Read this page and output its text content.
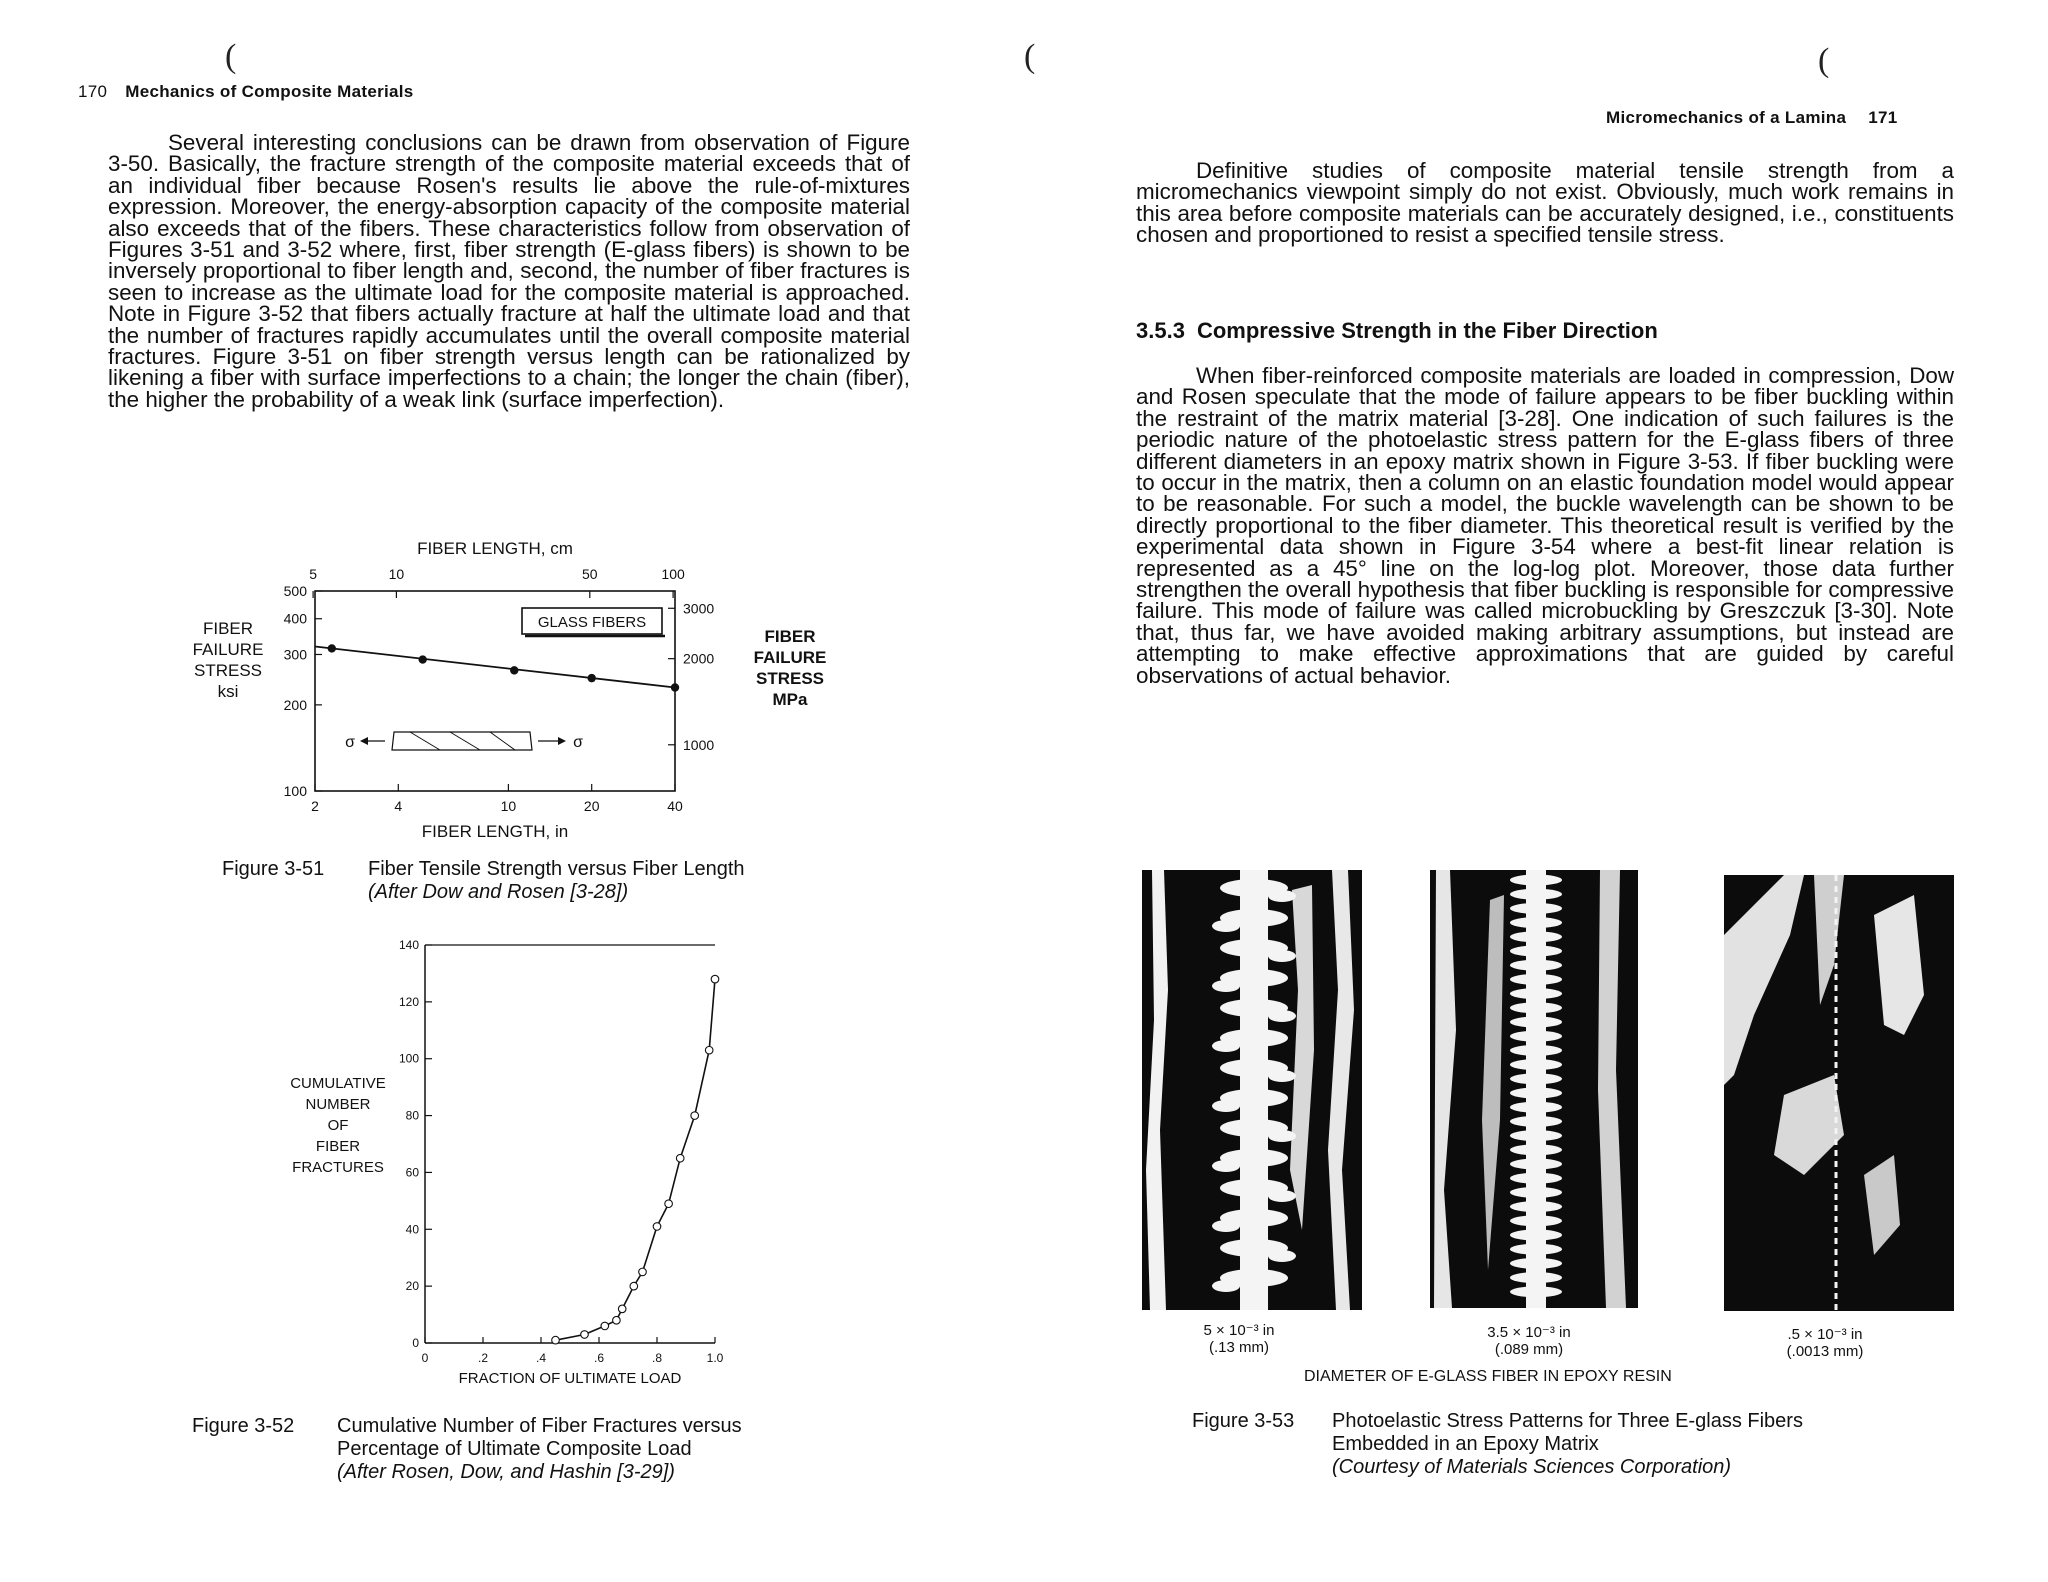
(
170 Mechanics of Composite Materials
Several interesting conclusions can be drawn from observation of Figure 3-50. Basically, the fracture strength of the composite material exceeds that of an individual fiber because Rosen's results lie above the rule-of-mixtures expression. Moreover, the energy-absorption capacity of the composite material also exceeds that of the fibers. These characteristics follow from observation of Figures 3-51 and 3-52 where, first, fiber strength (E-glass fibers) is shown to be inversely proportional to fiber length and, second, the number of fiber fractures is seen to increase as the ultimate load for the composite material is approached. Note in Figure 3-52 that fibers actually fracture at half the ultimate load and that the number of fractures rapidly accumulates until the overall composite material fractures. Figure 3-51 on fiber strength versus length can be rationalized by likening a fiber with surface imperfections to a chain; the longer the chain (fiber), the higher the probability of a weak link (surface imperfection).
FIBER LENGTH, cm
5	10	50	100
2	4	10	20	40
FIBER LENGTH, in
100
200
300
400
500
FIBER
FAILURE
STRESS
ksi
1000
2000
3000
FIBER
FAILURE
STRESS
MPa
GLASS FIBERS
σ	σ
Figure 3-51 Fiber Tensile Strength versus Fiber Length
(After Dow and Rosen [3-28])
0
20
40
60
80
100
120
140
CUMULATIVE
NUMBER
OF
FIBER
FRACTURES
0	.2	.4	.6	.8	1.0
FRACTION OF ULTIMATE LOAD
Figure 3-52 Cumulative Number of Fiber Fractures versus
Percentage of Ultimate Composite Load
(After Rosen, Dow, and Hashin [3-29])
(	(
Micromechanics of a Lamina 171
Definitive studies of composite material tensile strength from a micromechanics viewpoint simply do not exist. Obviously, much work remains in this area before composite materials can be accurately designed, i.e., constituents chosen and proportioned to resist a specified tensile stress.
3.5.3 Compressive Strength in the Fiber Direction
When fiber-reinforced composite materials are loaded in compression, Dow and Rosen speculate that the mode of failure appears to be fiber buckling within the restraint of the matrix material [3-28]. One indication of such failures is the periodic nature of the photoelastic stress pattern for the E-glass fibers of three different diameters in an epoxy matrix shown in Figure 3-53. If fiber buckling were to occur in the matrix, then a column on an elastic foundation model would appear to be reasonable. For such a model, the buckle wavelength can be shown to be directly proportional to the fiber diameter. This theoretical result is verified by the experimental data shown in Figure 3-54 where a best-fit linear relation is represented as a 45° line on the log-log plot. Moreover, those data further strengthen the overall hypothesis that fiber buckling is responsible for compressive failure. This mode of failure was called microbuckling by Greszczuk [3-30]. Note that, thus far, we have avoided making arbitrary assumptions, but instead are attempting to make effective approximations that are guided by careful observations of actual behavior.
5 × 10⁻³ in
(.13 mm)
3.5 × 10⁻³ in
(.089 mm)
.5 × 10⁻³ in
(.0013 mm)
DIAMETER OF E-GLASS FIBER IN EPOXY RESIN
Figure 3-53 Photoelastic Stress Patterns for Three E-glass Fibers
Embedded in an Epoxy Matrix
(Courtesy of Materials Sciences Corporation)
